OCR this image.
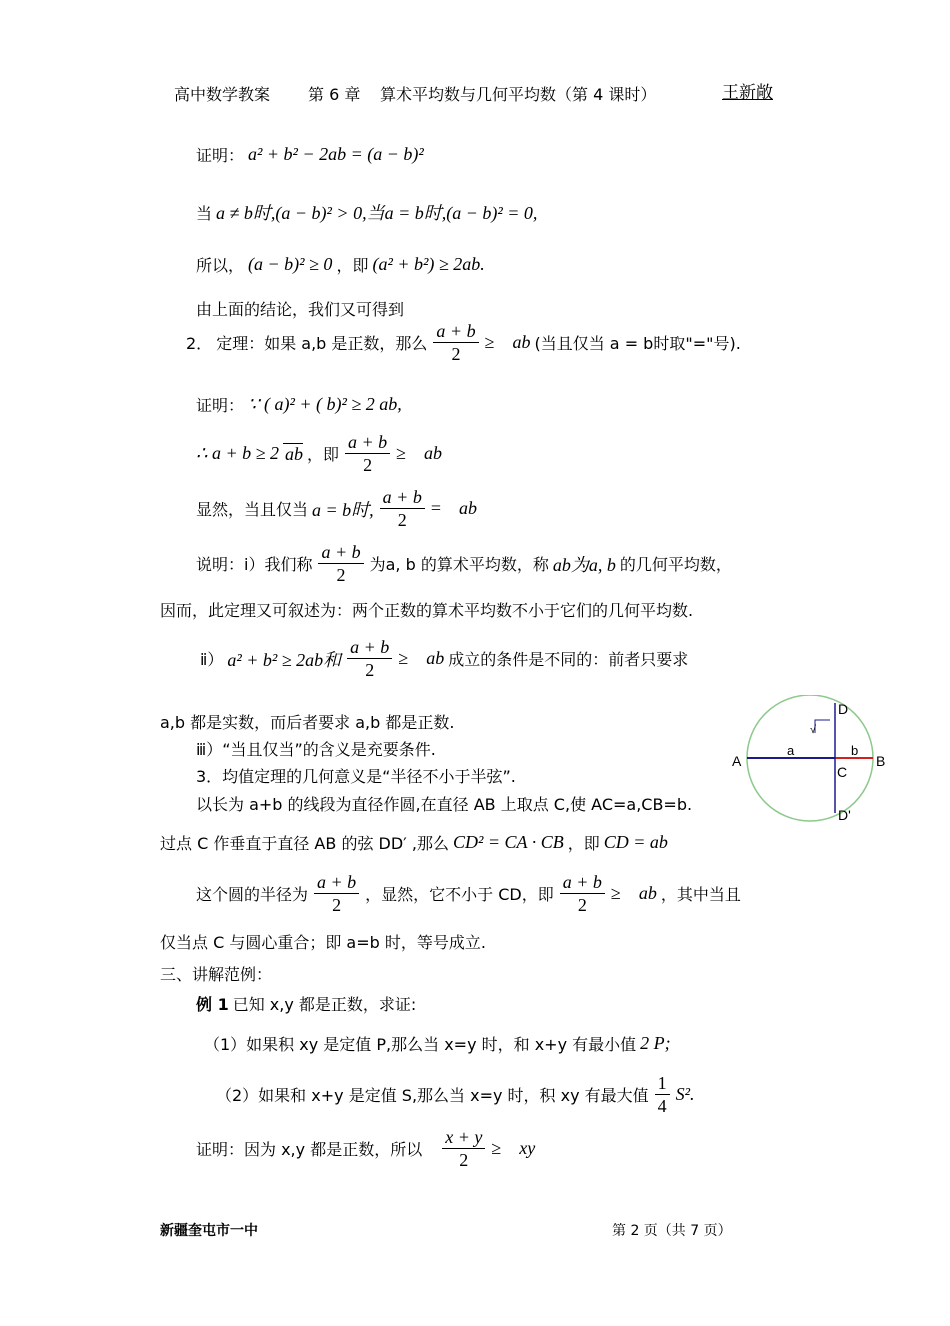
高中数学教案 第 6 章 算术平均数与几何平均数（第 4 课时）	王新敞
证明： a² + b² − 2ab = (a − b)²
当 a ≠ b时,(a − b)² > 0,当a = b时,(a − b)² = 0,
所以， (a − b)² ≥ 0 ，即 (a² + b²) ≥ 2ab.
由上面的结论，我们又可得到
2． 定理：如果 a,b 是正数，那么 $\frac{a + b}{2}$ ≥ ab (当且仅当 a = b时取"="号).
证明： ∵ ( a)² + ( b)² ≥ 2 ab,
∴ a + b ≥ 2 ab ，即 $\frac{a + b}{2}$ ≥ ab
显然，当且仅当 a = b时, $\frac{a + b}{2}$ = ab
说明：ⅰ）我们称 $\frac{a + b}{2}$ 为a, b 的算术平均数，称 ab为a, b 的几何平均数，
因而，此定理又可叙述为：两个正数的算术平均数不小于它们的几何平均数.
ⅱ） a² + b² ≥ 2ab和 $\frac{a + b}{2}$ ≥ ab 成立的条件是不同的：前者只要求
a,b 都是实数，而后者要求 a,b 都是正数.
ⅲ）“当且仅当”的含义是充要条件.
3．均值定理的几何意义是“半径不小于半弦”.
以长为 a+b 的线段为直径作圆,在直径 AB 上取点 C,使 AC=a,CB=b.
过点 C 作垂直于直径 AB 的弦 DD′ ,那么 CD² = CA · CB ，即 CD = ab
这个圆的半径为 $\frac{a + b}{2}$ ，显然，它不小于 CD，即 $\frac{a + b}{2}$ ≥ ab ，其中当且
仅当点 C 与圆心重合；即 a=b 时，等号成立.
A	B
C
D
D'
a	b
√
三、讲解范例：
例 1 已知 x,y 都是正数，求证:
（1）如果积 xy 是定值 P,那么当 x=y 时，和 x+y 有最小值 2 P;
（2）如果和 x+y 是定值 S,那么当 x=y 时，积 xy 有最大值 $\frac{1}{4} S^2$.
证明：因为 x,y 都是正数，所以 $\frac{x + y}{2}$ ≥ xy
新疆奎屯市一中	第 2 页（共 7 页）
